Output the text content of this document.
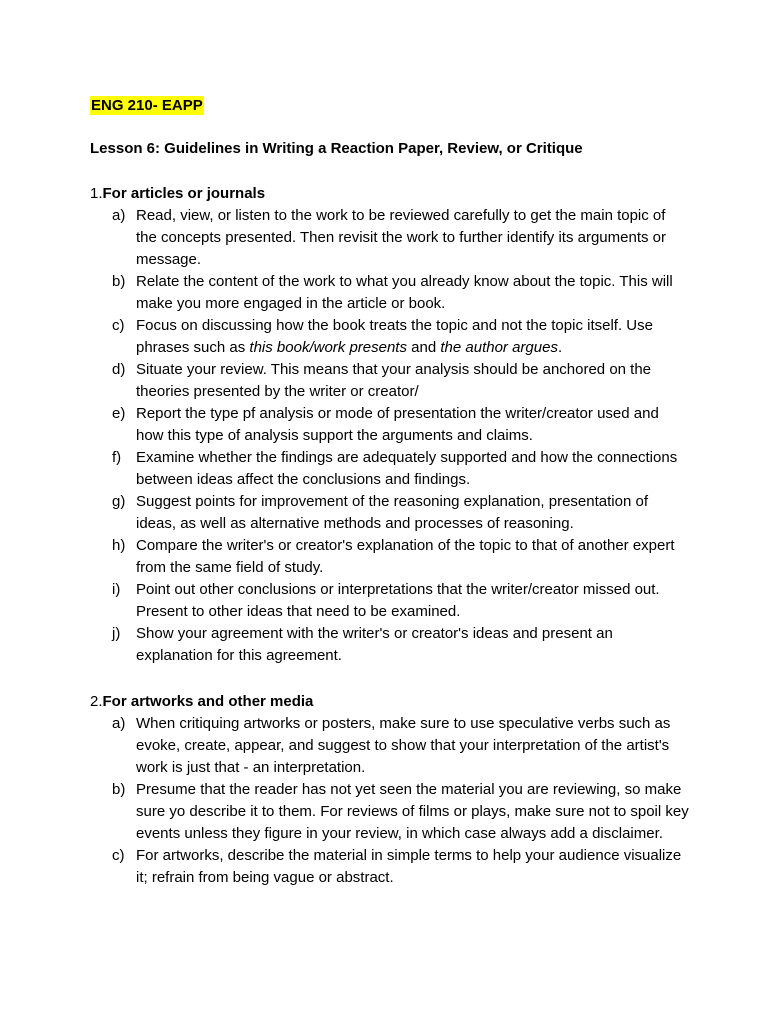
ENG 210- EAPP
Lesson 6: Guidelines in Writing a Reaction Paper, Review, or Critique
1.For articles or journals
a) Read, view, or listen to the work to be reviewed carefully to get the main topic of the concepts presented. Then revisit the work to further identify its arguments or message.
b) Relate the content of the work to what you already know about the topic. This will make you more engaged in the article or book.
c) Focus on discussing how the book treats the topic and not the topic itself. Use phrases such as this book/work presents and the author argues.
d) Situate your review. This means that your analysis should be anchored on the theories presented by the writer or creator/
e) Report the type pf analysis or mode of presentation the writer/creator used and how this type of analysis support the arguments and claims.
f) Examine whether the findings are adequately supported and how the connections between ideas affect the conclusions and findings.
g) Suggest points for improvement of the reasoning explanation, presentation of ideas, as well as alternative methods and processes of reasoning.
h) Compare the writer's or creator's explanation of the topic to that of another expert from the same field of study.
i)	Point out other conclusions or interpretations that the writer/creator missed out. Present to other ideas that need to be examined.
j)	Show your agreement with the writer's or creator's ideas and present an explanation for this agreement.
2.For artworks and other media
a) When critiquing artworks or posters, make sure to use speculative verbs such as evoke, create, appear, and suggest to show that your interpretation of the artist's work is just that - an interpretation.
b) Presume that the reader has not yet seen the material you are reviewing, so make sure yo describe it to them. For reviews of films or plays, make sure not to spoil key events unless they figure in your review, in which case always add a disclaimer.
c) For artworks, describe the material in simple terms to help your audience visualize it; refrain from being vague or abstract.
